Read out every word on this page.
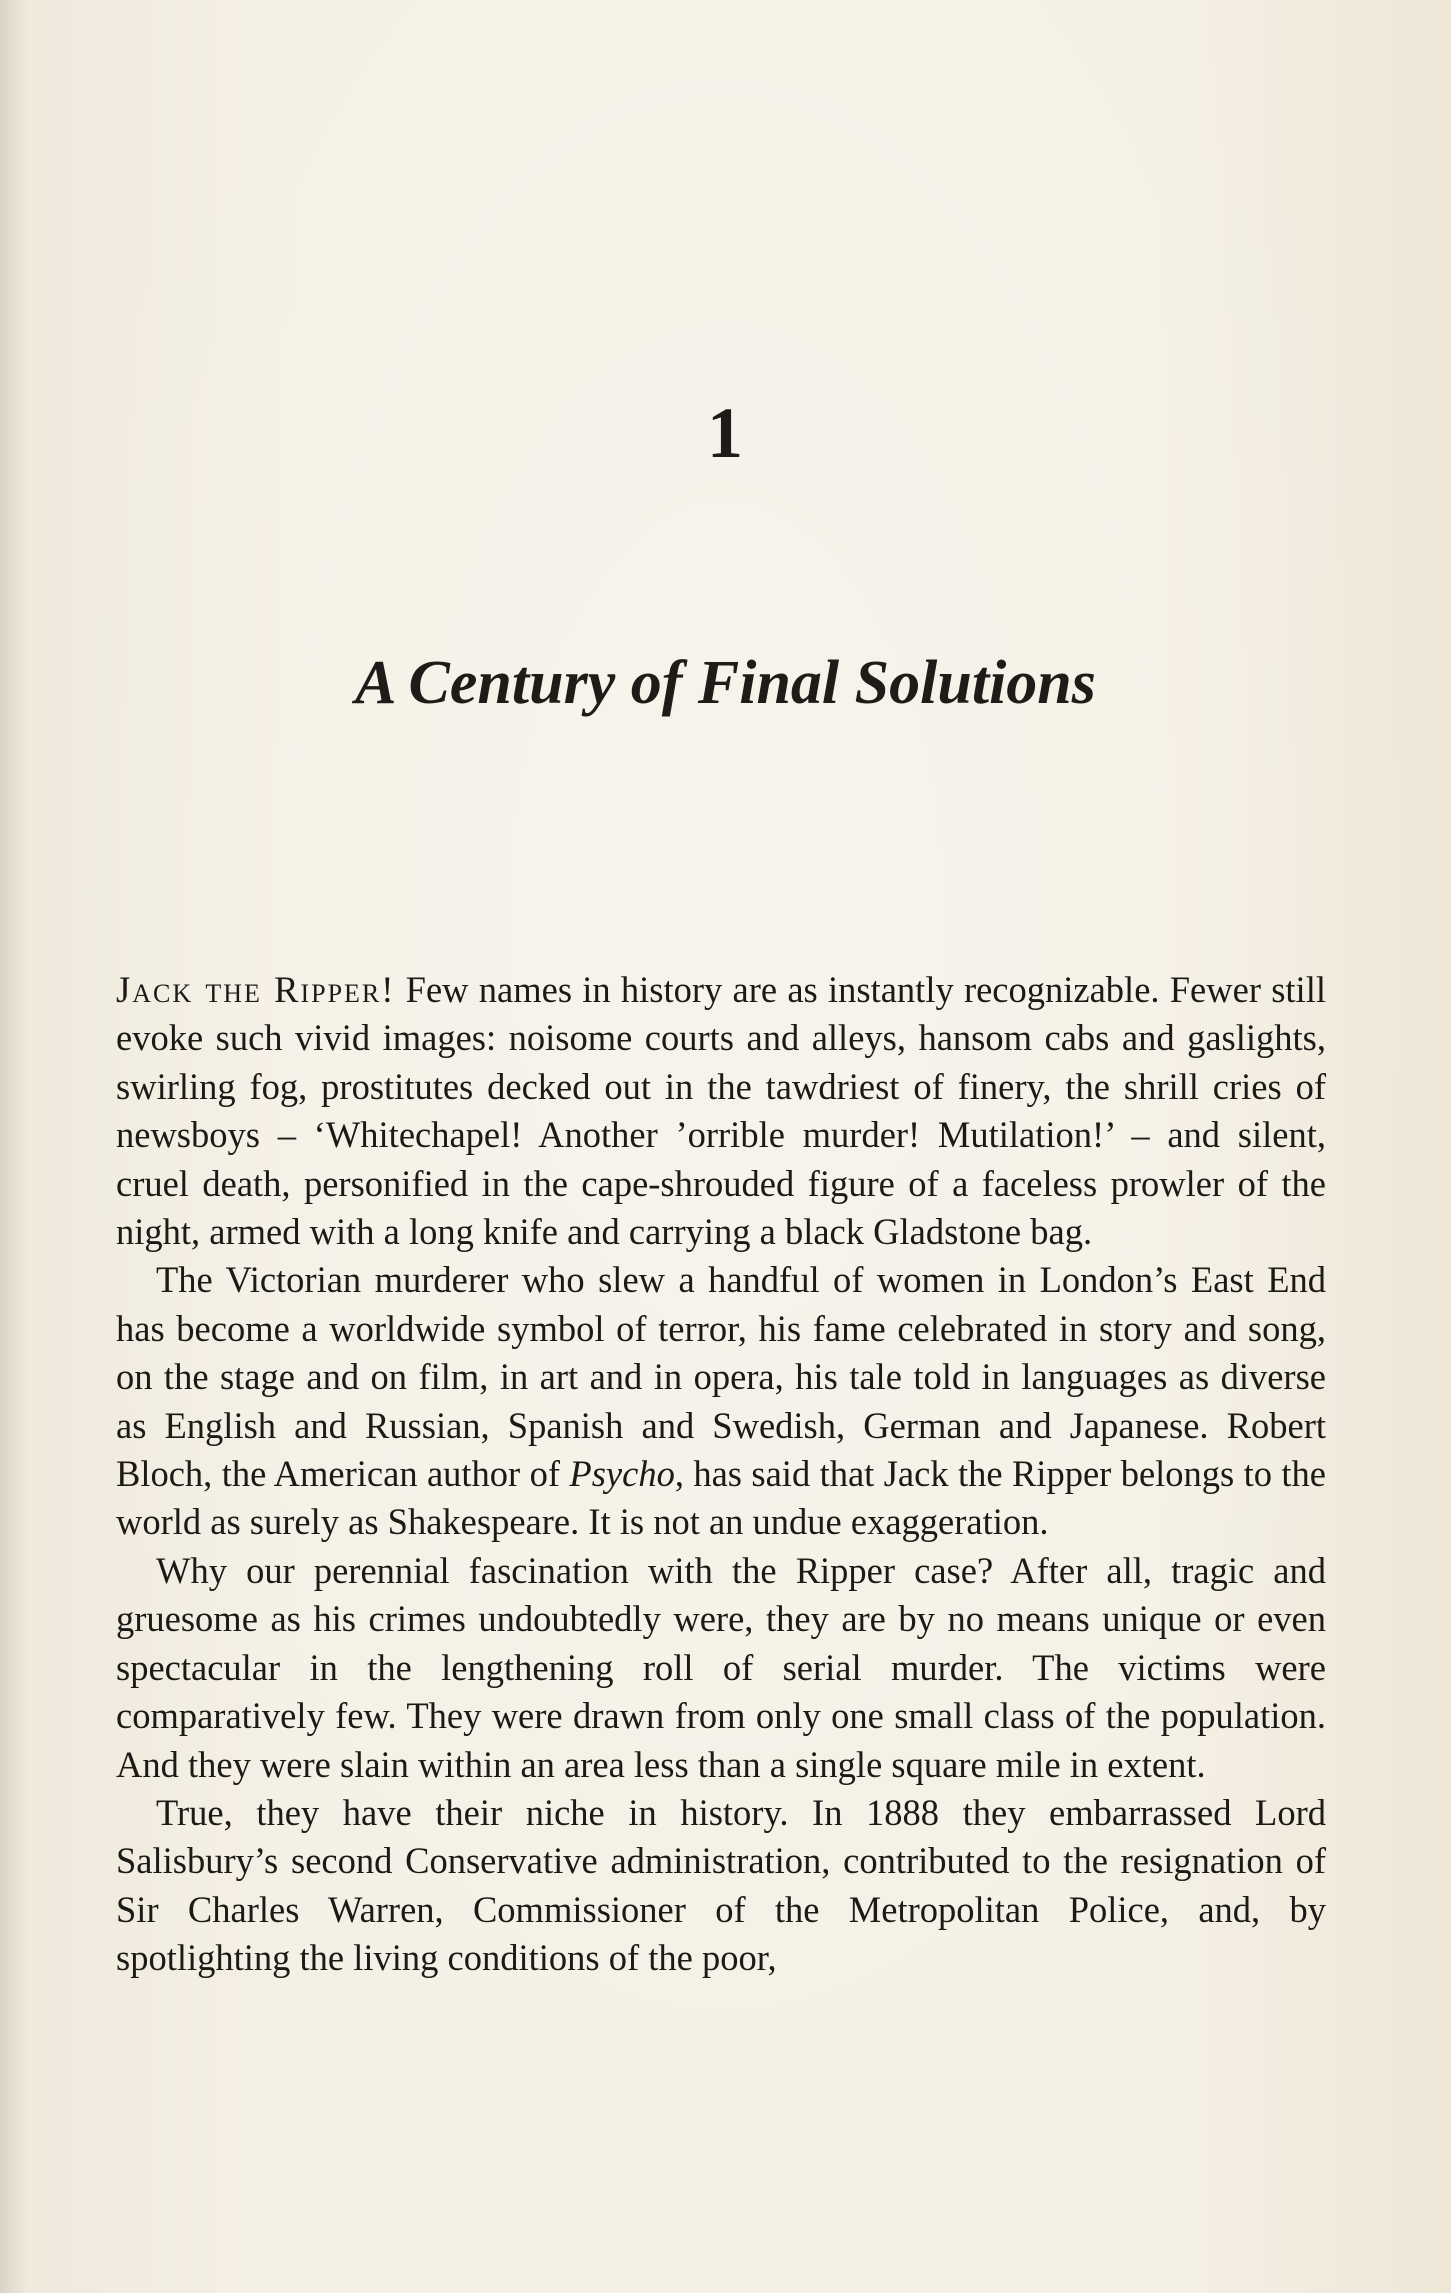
1
A Century of Final Solutions

Jack the Ripper! Few names in history are as instantly recognizable. Fewer still evoke such vivid images: noisome courts and alleys, hansom cabs and gaslights, swirling fog, prostitutes decked out in the tawdriest of finery, the shrill cries of newsboys – ‘Whitechapel! Another ’orrible murder! Mutilation!’ – and silent, cruel death, personified in the cape-shrouded figure of a faceless prowler of the night, armed with a long knife and carrying a black Gladstone bag.

The Victorian murderer who slew a handful of women in London’s East End has become a worldwide symbol of terror, his fame celebrated in story and song, on the stage and on film, in art and in opera, his tale told in languages as diverse as English and Russian, Spanish and Swedish, German and Japanese. Robert Bloch, the American author of Psycho, has said that Jack the Ripper belongs to the world as surely as Shakespeare. It is not an undue exaggeration.

Why our perennial fascination with the Ripper case? After all, tragic and gruesome as his crimes undoubtedly were, they are by no means unique or even spectacular in the lengthening roll of serial murder. The victims were comparatively few. They were drawn from only one small class of the population. And they were slain within an area less than a single square mile in extent.

True, they have their niche in history. In 1888 they embarrassed Lord Salisbury’s second Conservative administration, contributed to the resignation of Sir Charles Warren, Commissioner of the Metropolitan Police, and, by spotlighting the living conditions of the poor,
